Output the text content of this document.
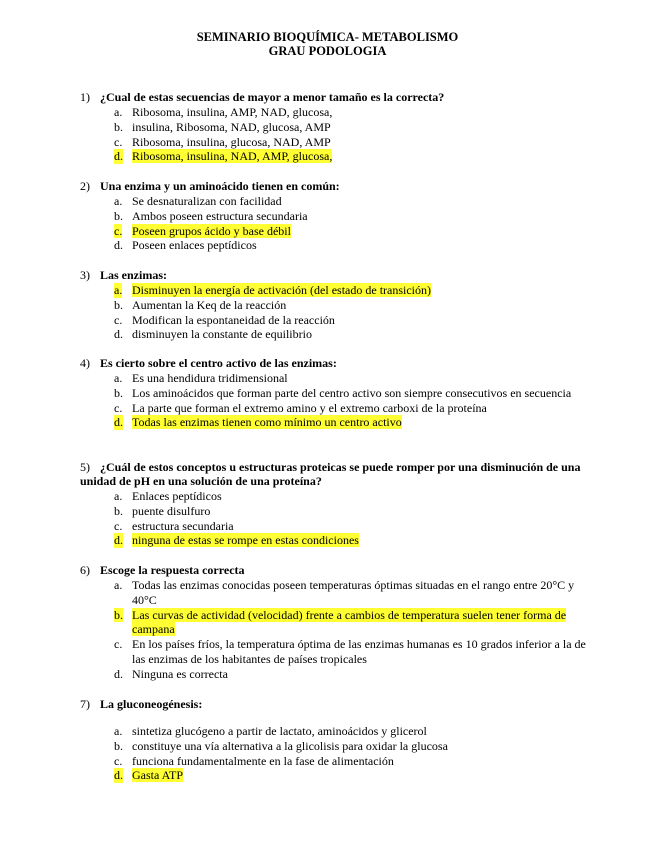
SEMINARIO BIOQUÍMICA- METABOLISMO
GRAU PODOLOGIA
1) ¿Cual de estas secuencias de mayor a menor tamaño es la correcta?
a. Ribosoma, insulina, AMP, NAD, glucosa,
b. insulina, Ribosoma, NAD, glucosa, AMP
c. Ribosoma, insulina, glucosa, NAD, AMP
d. Ribosoma, insulina, NAD, AMP, glucosa,
2) Una enzima y un aminoácido tienen en común:
a. Se desnaturalizan con facilidad
b. Ambos poseen estructura secundaria
c. Poseen grupos ácido y base débil
d. Poseen enlaces peptídicos
3) Las enzimas:
a. Disminuyen la energía de activación (del estado de transición)
b. Aumentan la Keq de la reacción
c. Modifican la espontaneidad de la reacción
d. disminuyen la constante de equilibrio
4) Es cierto sobre el centro activo de las enzimas:
a. Es una hendidura tridimensional
b. Los aminoácidos que forman parte del centro activo son siempre consecutivos en secuencia
c. La parte que forman el extremo amino y el extremo carboxi de la proteína
d. Todas las enzimas tienen como mínimo un centro activo
5) ¿Cuál de estos conceptos u estructuras proteicas se puede romper por una disminución de una unidad de pH en una solución de una proteína?
a. Enlaces peptídicos
b. puente disulfuro
c. estructura secundaria
d. ninguna de estas se rompe en estas condiciones
6) Escoge la respuesta correcta
a. Todas las enzimas conocidas poseen temperaturas óptimas situadas en el rango entre 20°C y 40°C
b. Las curvas de actividad (velocidad) frente a cambios de temperatura suelen tener forma de campana
c. En los países fríos, la temperatura óptima de las enzimas humanas es 10 grados inferior a la de las enzimas de los habitantes de países tropicales
d. Ninguna es correcta
7) La gluconeogénesis:
a. sintetiza glucógeno a partir de lactato, aminoácidos y glicerol
b. constituye una vía alternativa a la glicolisis para oxidar la glucosa
c. funciona fundamentalmente en la fase de alimentación
d. Gasta ATP
